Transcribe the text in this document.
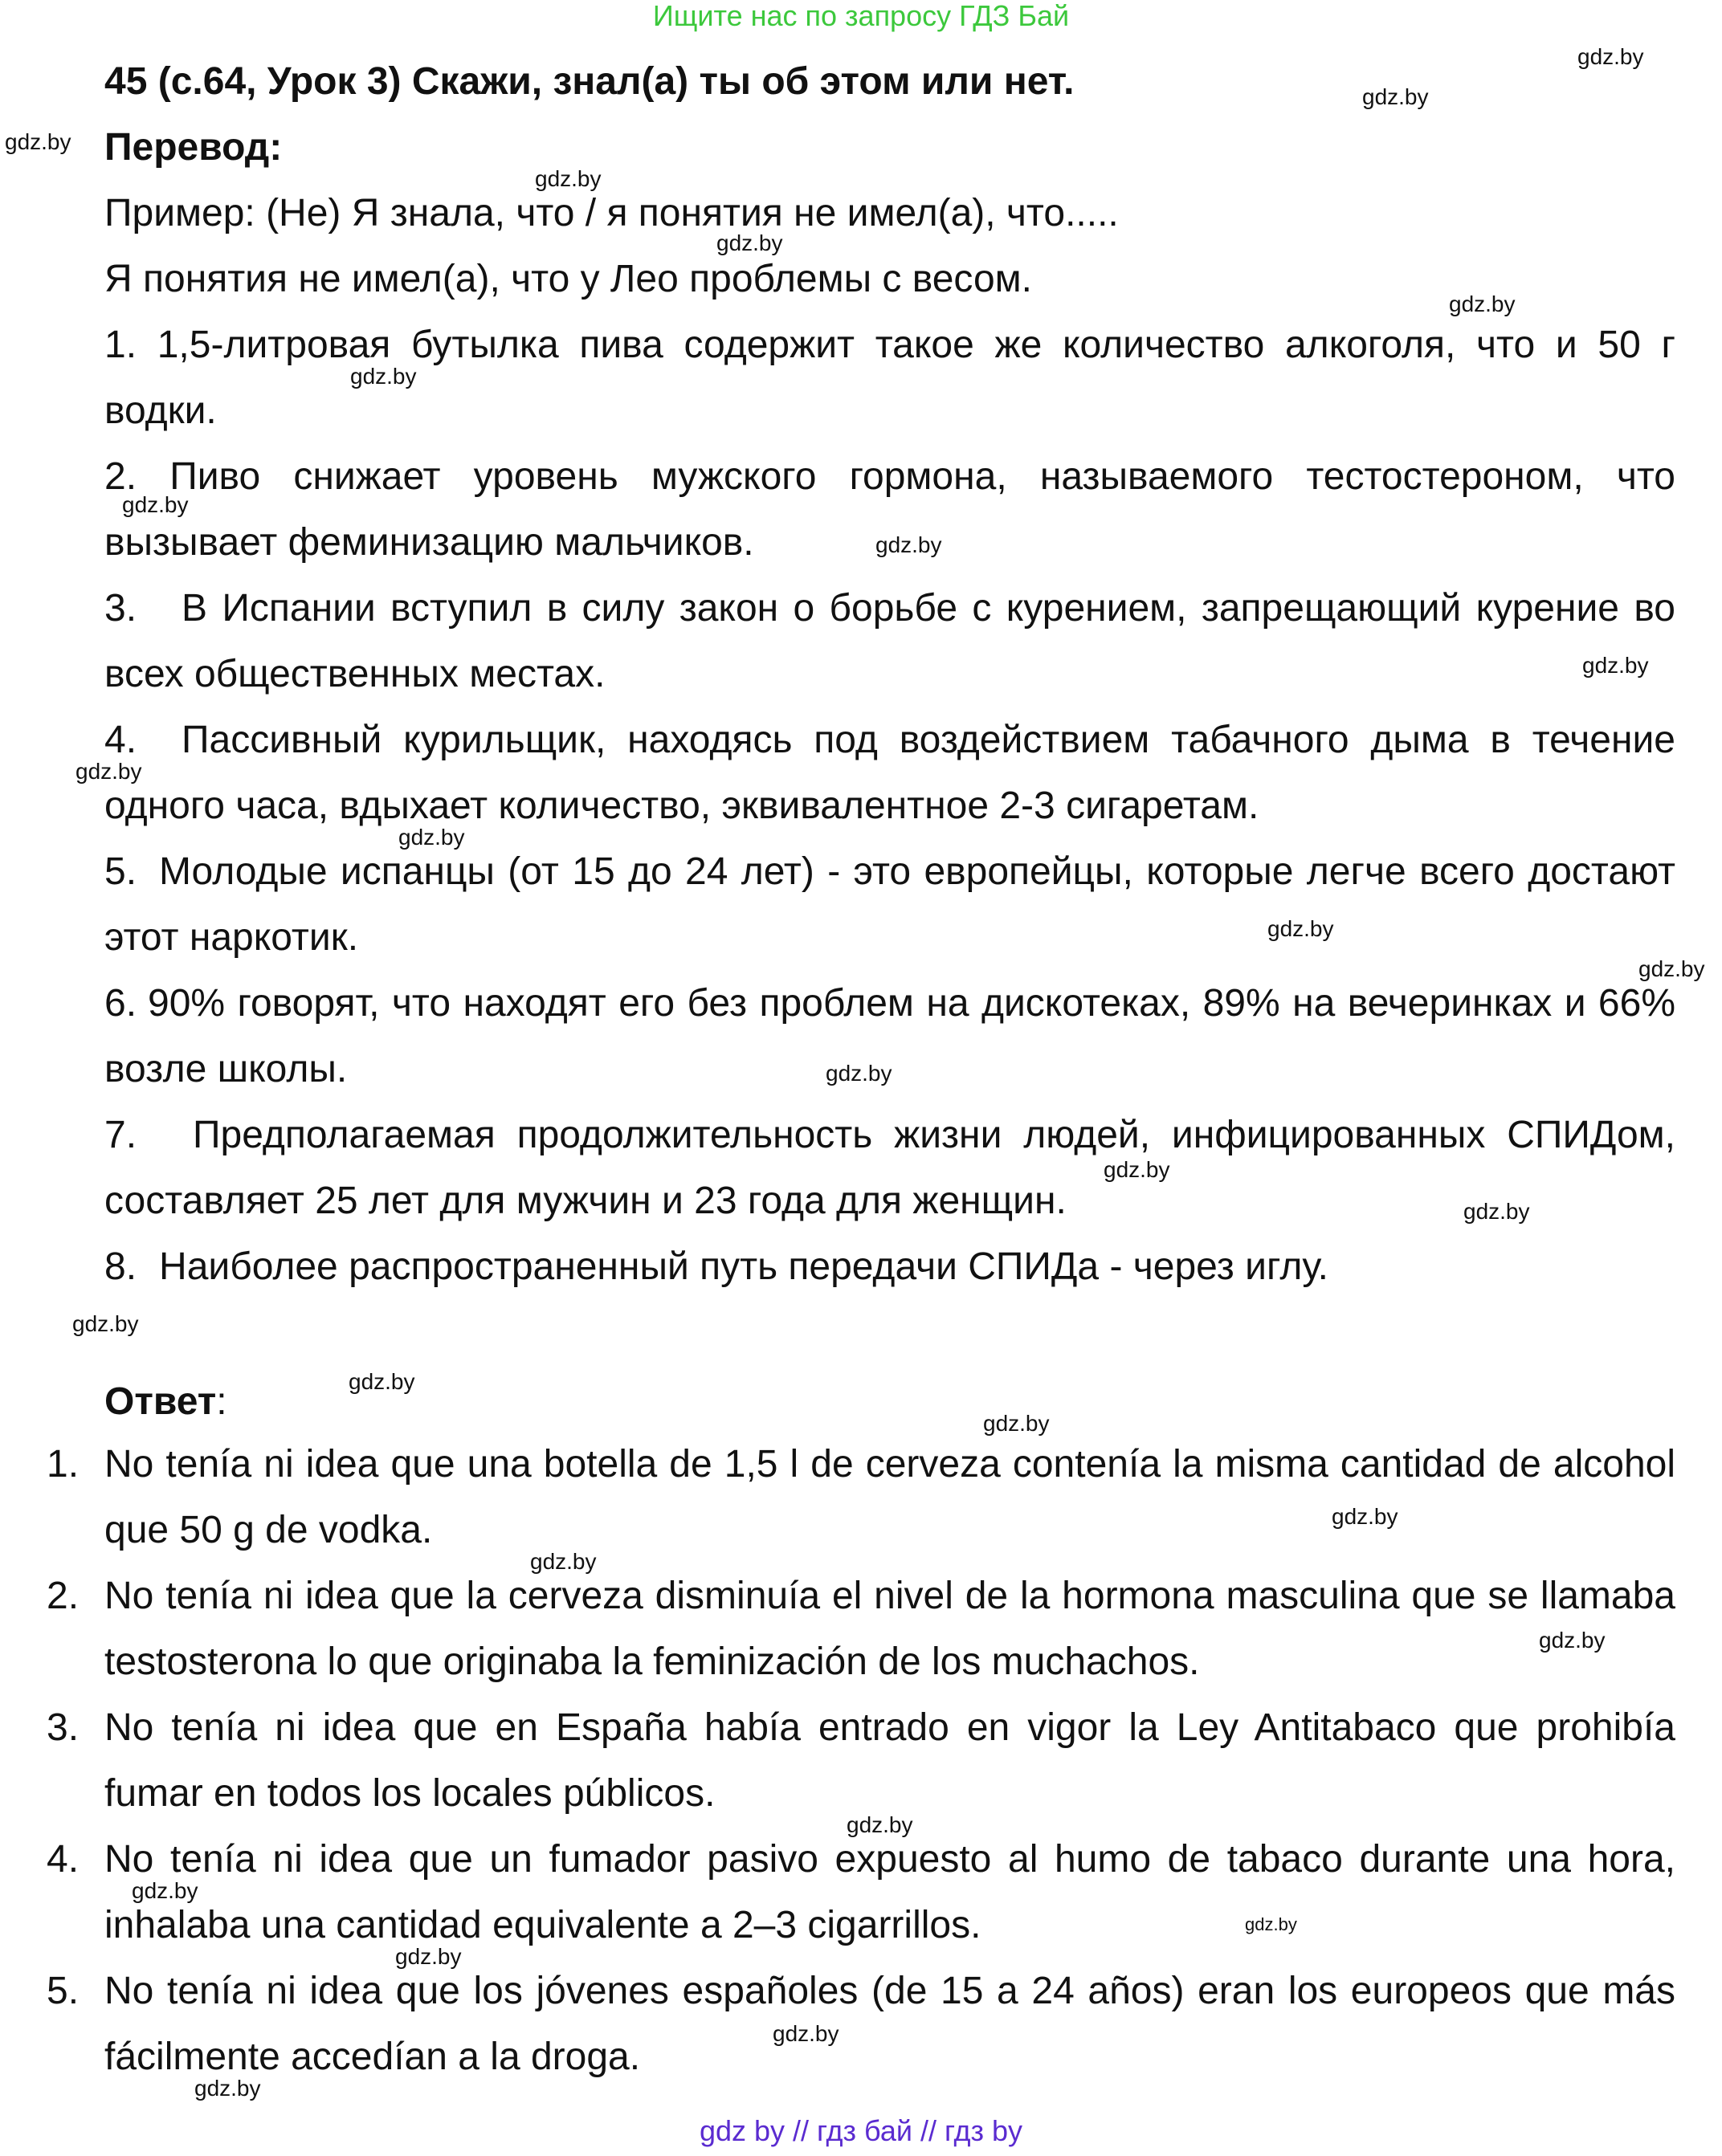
Ищите нас по запросу ГДЗ Бай
45 (с.64, Урок 3) Скажи, знал(а) ты об этом или нет.
Перевод:
Пример: (Не) Я знала, что / я понятия не имел(а), что.....
Я понятия не имел(а), что у Лео проблемы с весом.
1. 1,5-литровая бутылка пива содержит такое же количество алкоголя, что и 50 г водки.
2. Пиво снижает уровень мужского гормона, называемого тестостероном, что вызывает феминизацию мальчиков.
3. В Испании вступил в силу закон о борьбе с курением, запрещающий курение во всех общественных местах.
4. Пассивный курильщик, находясь под воздействием табачного дыма в течение одного часа, вдыхает количество, эквивалентное 2-3 сигаретам.
5. Молодые испанцы (от 15 до 24 лет) - это европейцы, которые легче всего достают этот наркотик.
6. 90% говорят, что находят его без проблем на дискотеках, 89% на вечеринках и 66% возле школы.
7. Предполагаемая продолжительность жизни людей, инфицированных СПИДом, составляет 25 лет для мужчин и 23 года для женщин.
8. Наиболее распространенный путь передачи СПИДа - через иглу.
Ответ:
1. No tenía ni idea que una botella de 1,5 l de cerveza contenía la misma cantidad de alcohol que 50 g de vodka.
2. No tenía ni idea que la cerveza disminuía el nivel de la hormona masculina que se llamaba testosterona lo que originaba la feminización de los muchachos.
3. No tenía ni idea que en España había entrado en vigor la Ley Antitabaco que prohibía fumar en todos los locales públicos.
4. No tenía ni idea que un fumador pasivo expuesto al humo de tabaco durante una hora, inhalaba una cantidad equivalente a 2–3 cigarrillos.
5. No tenía ni idea que los jóvenes españoles (de 15 a 24 años) eran los europeos que más fácilmente accedían a la droga.
gdz.by
gdz.by
gdz.by
gdz.by
gdz.by
gdz.by
gdz.by
gdz.by
gdz.by
gdz.by
gdz.by
gdz.by
gdz.by
gdz.by
gdz.by
gdz.by
gdz.by
gdz.by
gdz.by
gdz.by
gdz.by
gdz.by
gdz.by
gdz.by
gdz.by
gdz.by
gdz.by
gdz.by
gdz.by
gdz by // гдз бай // гдз by
